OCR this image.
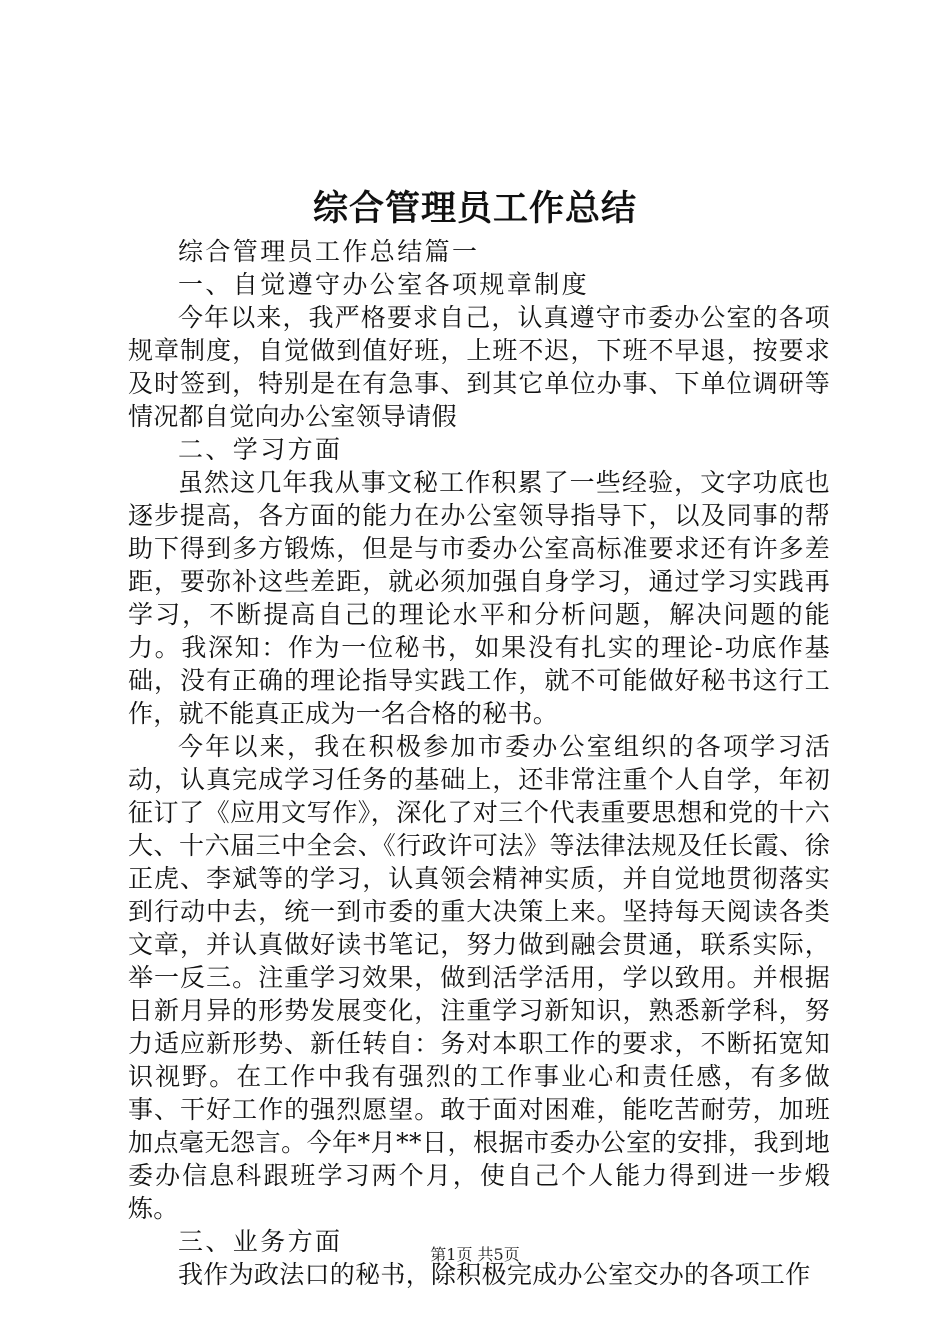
综合管理员工作总结

综合管理员工作总结篇一

一、自觉遵守办公室各项规章制度

今年以来，我严格要求自己，认真遵守市委办公室的各项规章制度，自觉做到值好班，上班不迟，下班不早退，按要求及时签到，特别是在有急事、到其它单位办事、下单位调研等情况都自觉向办公室领导请假

二、学习方面

虽然这几年我从事文秘工作积累了一些经验，文字功底也逐步提高，各方面的能力在办公室领导指导下，以及同事的帮助下得到多方锻炼，但是与市委办公室高标准要求还有许多差距，要弥补这些差距，就必须加强自身学习，通过学习实践再学习，不断提高自己的理论水平和分析问题，解决问题的能力。我深知：作为一位秘书，如果没有扎实的理论-功底作基础，没有正确的理论指导实践工作，就不可能做好秘书这行工作，就不能真正成为一名合格的秘书。

今年以来，我在积极参加市委办公室组织的各项学习活动，认真完成学习任务的基础上，还非常注重个人自学，年初征订了《应用文写作》，深化了对三个代表重要思想和党的十六大、十六届三中全会、《行政许可法》等法律法规及任长霞、徐正虎、李斌等的学习，认真领会精神实质，并自觉地贯彻落实到行动中去，统一到市委的重大决策上来。坚持每天阅读各类文章，并认真做好读书笔记，努力做到融会贯通，联系实际，举一反三。注重学习效果，做到活学活用，学以致用。并根据日新月异的形势发展变化，注重学习新知识，熟悉新学科，努力适应新形势、新任转自：务对本职工作的要求，不断拓宽知识视野。在工作中我有强烈的工作事业心和责任感，有多做事、干好工作的强烈愿望。敢于面对困难，能吃苦耐劳，加班加点毫无怨言。今年*月**日，根据市委办公室的安排，我到地委办信息科跟班学习两个月，使自己个人能力得到进一步煅炼。

三、业务方面

我作为政法口的秘书，除积极完成办公室交办的各项工作

第1页 共5页
